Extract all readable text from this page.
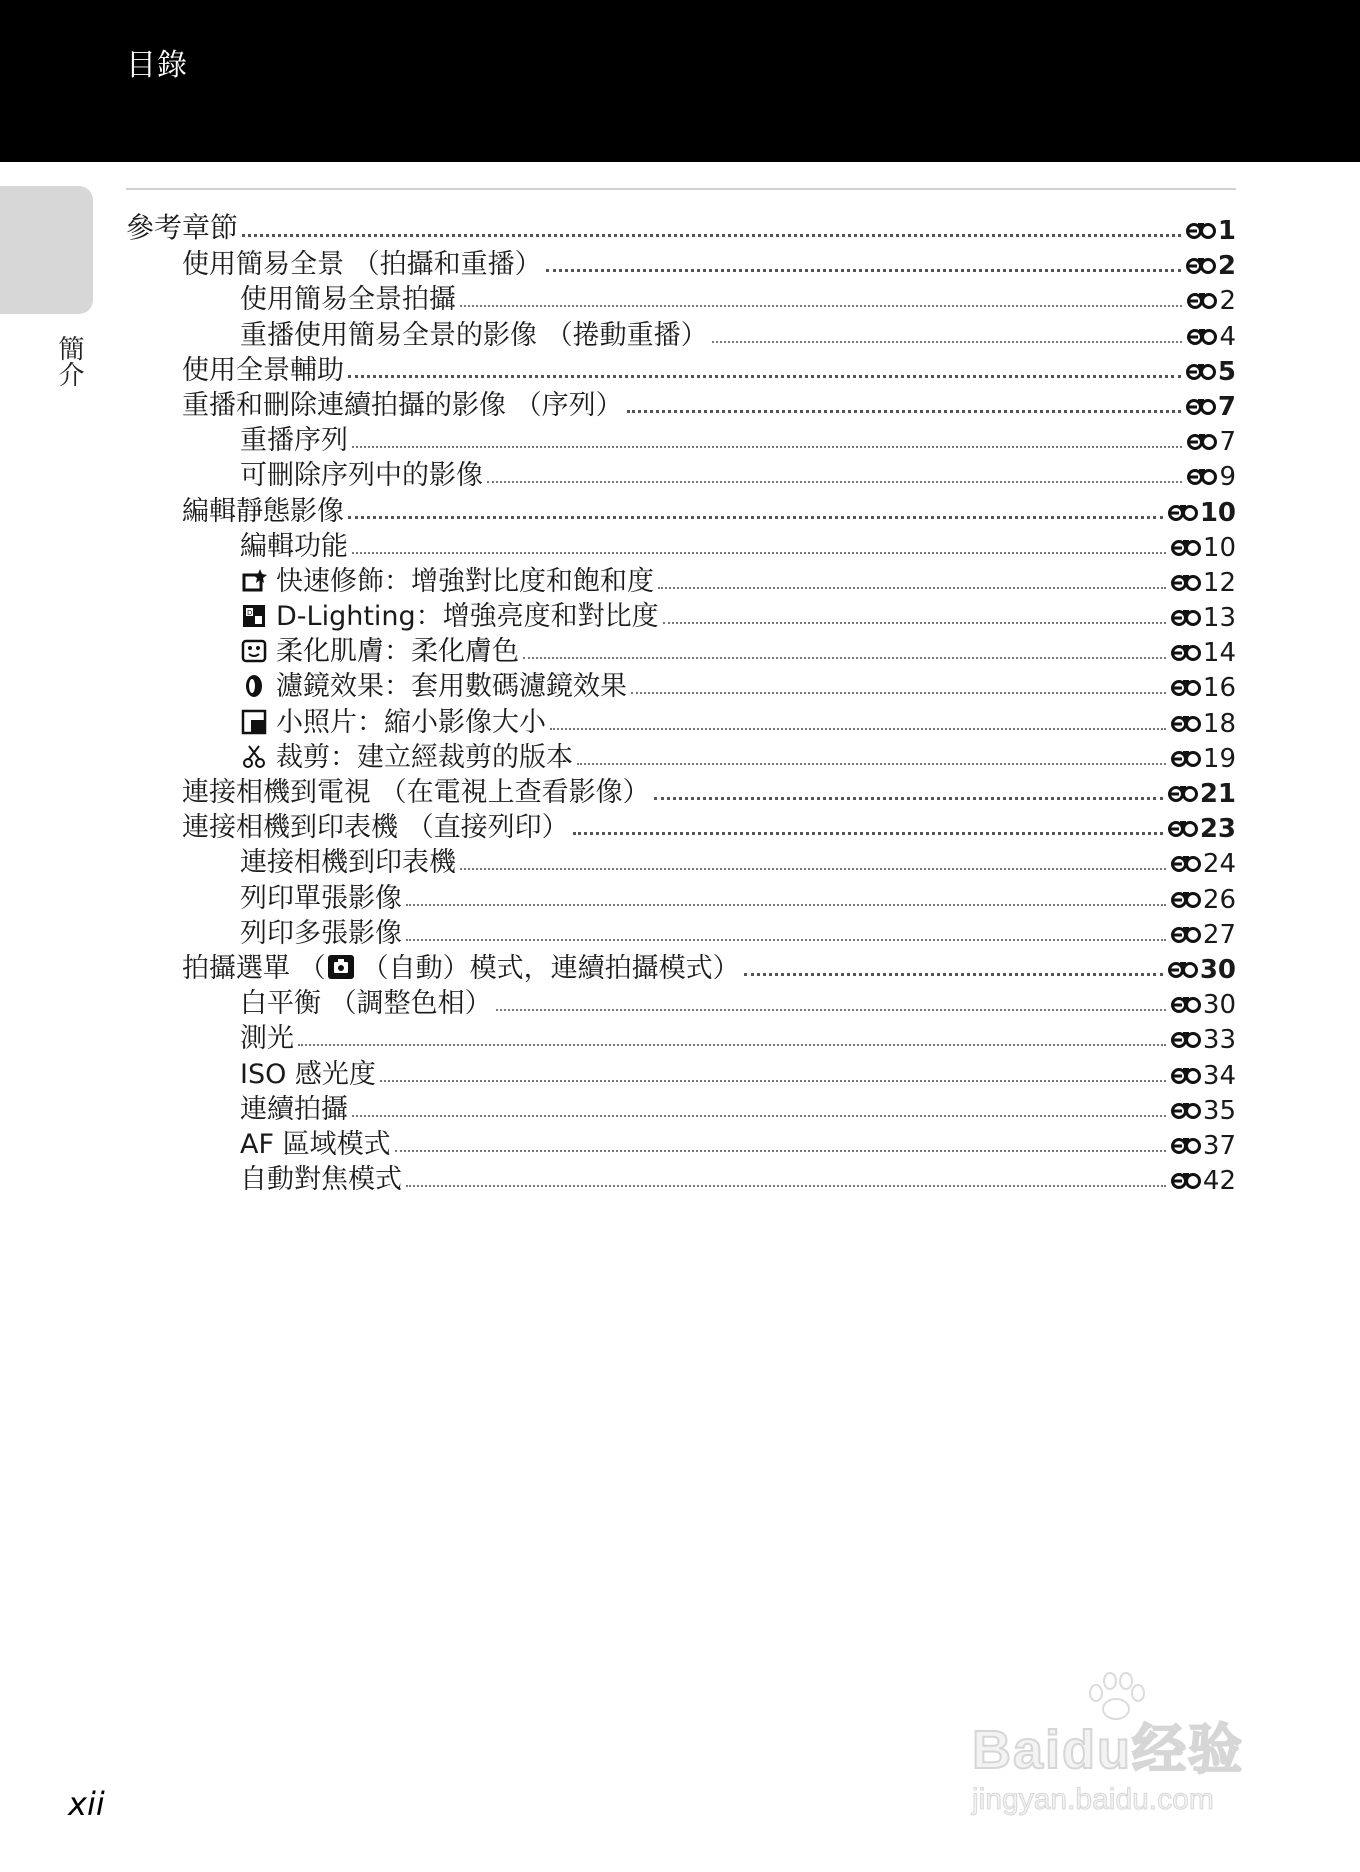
目錄
簡介
參考章節	1
使用簡易全景 （拍攝和重播）	2
使用簡易全景拍攝	2
重播使用簡易全景的影像 （捲動重播）	4
使用全景輔助	5
重播和刪除連續拍攝的影像 （序列）	7
重播序列	7
可刪除序列中的影像	9
編輯靜態影像	10
編輯功能	10
快速修飾：增強對比度和飽和度	12
D D-Lighting：增強亮度和對比度	13
柔化肌膚：柔化膚色	14
濾鏡效果：套用數碼濾鏡效果	16
小照片：縮小影像大小	18
裁剪：建立經裁剪的版本	19
連接相機到電視 （在電視上查看影像）	21
連接相機到印表機 （直接列印）	23
連接相機到印表機	24
列印單張影像	26
列印多張影像	27
拍攝選單 （ （自動）模式，連續拍攝模式）	30
白平衡 （調整色相）	30
測光	33
ISO 感光度	34
連續拍攝	35
AF 區域模式	37
自動對焦模式	42
xii
Baidu经验
jingyan.baidu.com
